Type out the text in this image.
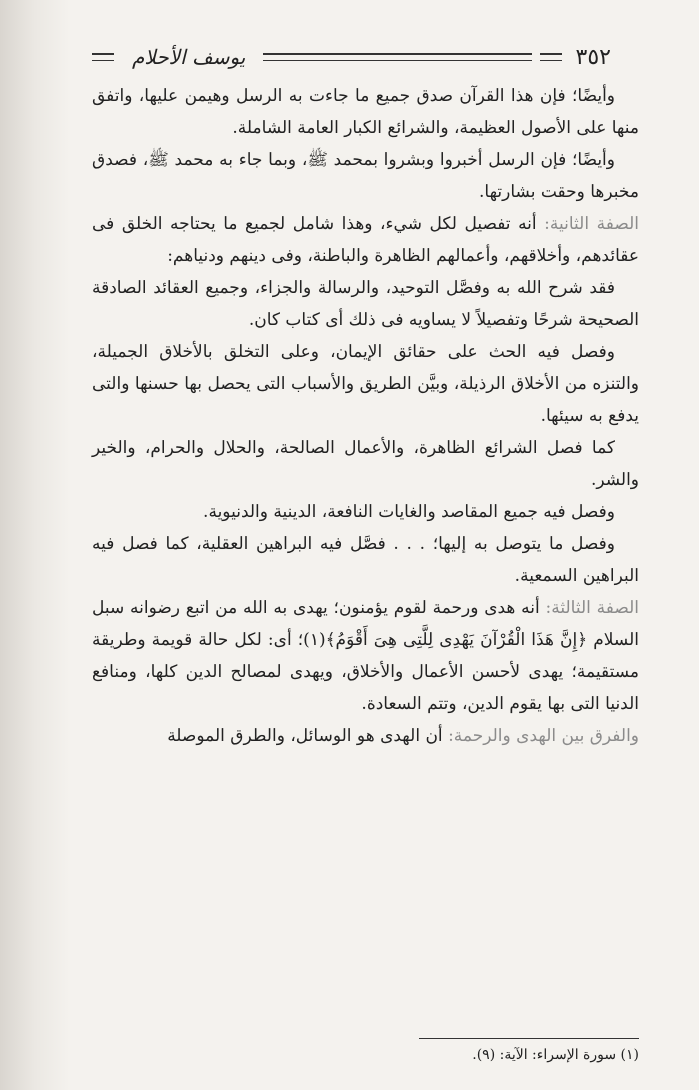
٣٥٢
يوسف الأحلام

وأيضًا؛ فإن هذا القرآن صدق جميع ما جاءت به الرسل وهيمن عليها، واتفق منها على الأصول العظيمة، والشرائع الكبار العامة الشاملة.

وأيضًا؛ فإن الرسل أخبروا وبشروا بمحمد ﷺ، وبما جاء به محمد ﷺ، فصدق مخبرها وحقت بشارتها.

الصفة الثانية: أنه تفصيل لكل شيء، وهذا شامل لجميع ما يحتاجه الخلق فى عقائدهم، وأخلاقهم، وأعمالهم الظاهرة والباطنة، وفى دينهم ودنياهم:

فقد شرح الله به وفصَّل التوحيد، والرسالة والجزاء، وجميع العقائد الصادقة الصحيحة شرحًا وتفصيلاً لا يساويه فى ذلك أى كتاب كان.

وفصل فيه الحث على حقائق الإيمان، وعلى التخلق بالأخلاق الجميلة، والتنزه من الأخلاق الرذيلة، وبيَّن الطريق والأسباب التى يحصل بها حسنها والتى يدفع به سيئها.

كما فصل الشرائع الظاهرة، والأعمال الصالحة، والحلال والحرام، والخير والشر.

وفصل فيه جميع المقاصد والغايات النافعة، الدينية والدنيوية.

وفصل ما يتوصل به إليها؛ . . . فصَّل فيه البراهين العقلية، كما فصل فيه البراهين السمعية.

الصفة الثالثة: أنه هدى ورحمة لقوم يؤمنون؛ يهدى به الله من اتبع رضوانه سبل السلام ﴿إِنَّ هَذَا الْقُرْآنَ يَهْدِى لِلَّتِى هِىَ أَقْوَمُ﴾(١)؛ أى: لكل حالة قويمة وطريقة مستقيمة؛ يهدى لأحسن الأعمال والأخلاق، ويهدى لمصالح الدين كلها، ومنافع الدنيا التى بها يقوم الدين، وتتم السعادة.

والفرق بين الهدى والرحمة: أن الهدى هو الوسائل، والطرق الموصلة

(١) سورة الإسراء: الآية: (٩).
